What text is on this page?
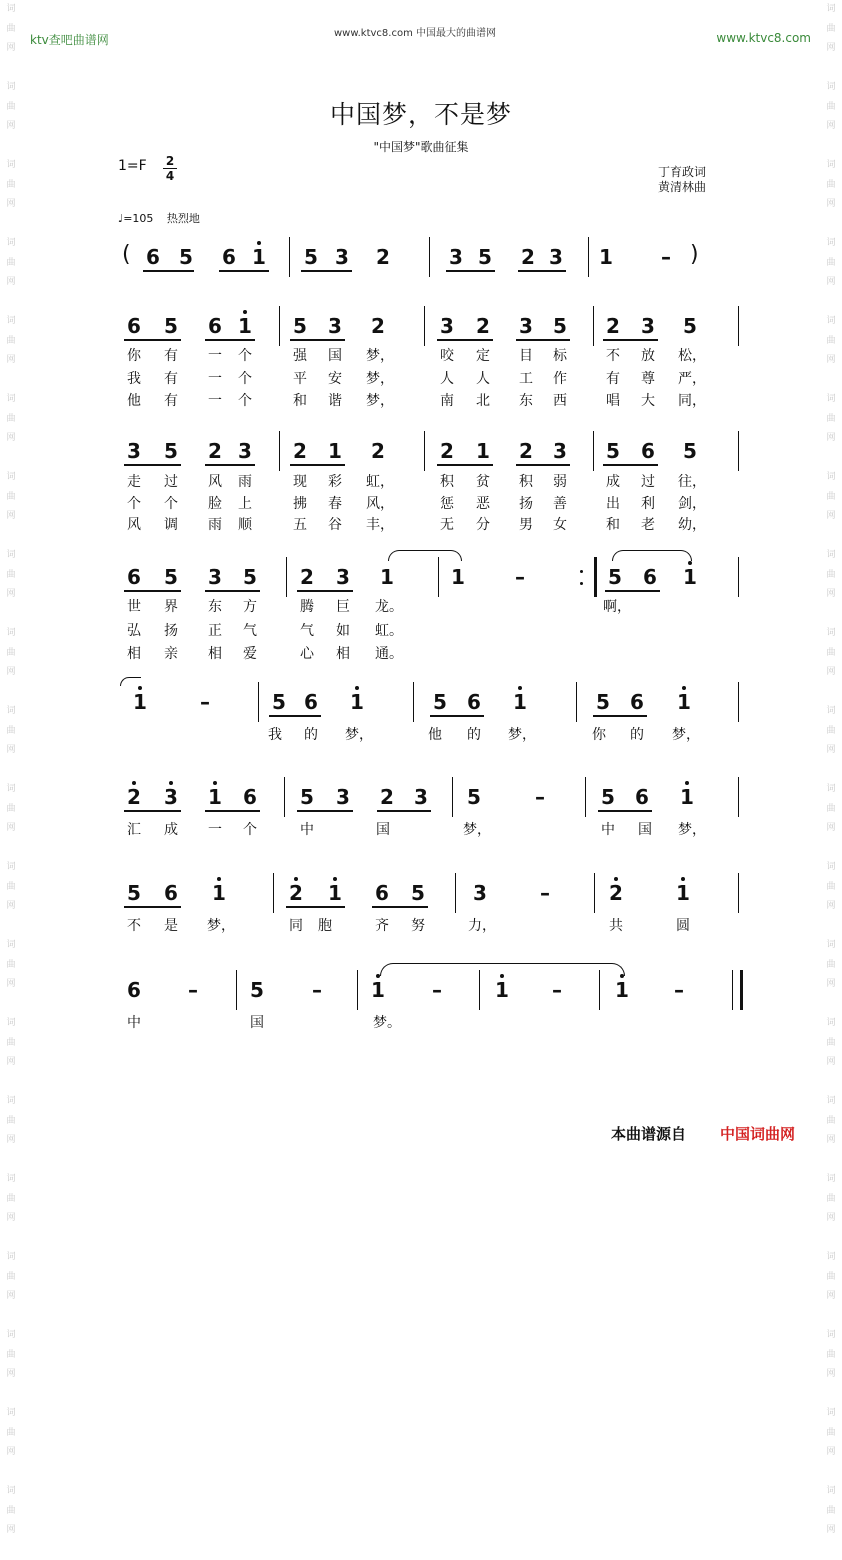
词
曲
网

词
曲
网

词
曲
网

词
曲
网

词
曲
网

词
曲
网

词
曲
网

词
曲
网

词
曲
网

词
曲
网

词
曲
网

词
曲
网

词
曲
网

词
曲
网

词
曲
网

词
曲
网

词
曲
网

词
曲
网

词
曲
网

词
曲
网

词
曲
网

词
曲
网

词
曲
网

词
曲
网

词
曲
网

词
曲
网

词
曲
网

词
曲
网

词
曲
网

词
曲
网

词
曲
网

词
曲
网

词
曲
网

词
曲
网

词
曲
网

词
曲
网

词
曲
网

词
曲
网

词
曲
网

词
曲
网

ktv查吧曲谱网	www.ktvc8.com 中国最大的曲谱网	www.ktvc8.com
中国梦，不是梦
"中国梦"歌曲征集
1=F 2
4	丁育政词
黄清林曲
♩=105 热烈地
6 5 6 1 5 3 2	3 5 2 3 1	–
(	)
6 5 6 1 5 3 2	3 2 3 5 2 3 5
你	有	一	个	强	国	梦，	咬	定	目	标	不	放	松，
我	有	一	个	平	安	梦，	人	人	工	作	有	尊	严，
他	有	一	个	和	谐	梦，	南	北	东	西	唱	大	同，
3 5 2 3 2 1 2	2 1 2 3 5 6 5
走	过	风	雨	现	彩	虹，	积	贫	积	弱	成	过	往，
个	个	脸	上	拂	春	风，	惩	恶	扬	善	出	利	剑，
风	调	雨	顺	五	谷	丰，	无	分	男	女	和	老	幼，
6 5 3 5 2 3 1	1	–	5 6 1
世	界	东	方	腾	巨	龙。	啊，
弘	扬	正	气	气	如	虹。
相	亲	相	爱	心	相	通。
1	–	5 6 1	5 6 1	5 6 1
我	的	梦，	他	的	梦，	你	的	梦，
2 3 1 6 5 3 2 3 5	–	5 6 1
汇	成	一	个	中	国	梦，	中	国	梦，
5 6 1	2 1 6 5 3	–	2	1
不	是	梦，	同	胞	齐	努	力，	共	圆
6	–	5	–	1	–	1	–	1	–
中	国	梦。
本曲谱源自 中国词曲网
